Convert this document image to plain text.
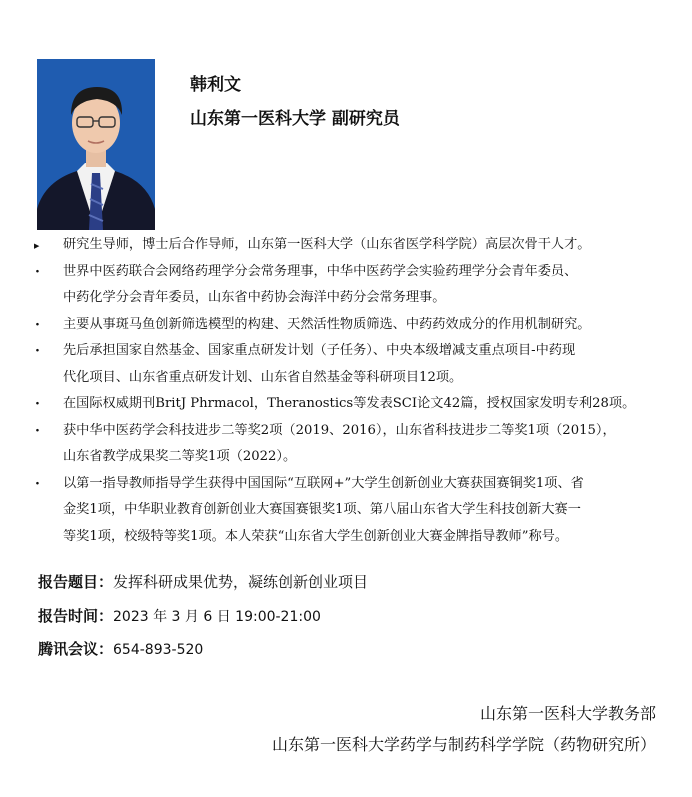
韩利文
山东第一医科大学 副研究员
▶ 研究生导师，博士后合作导师，山东第一医科大学（山东省医学科学院）高层次骨干人才。
· 世界中医药联合会网络药理学分会常务理事，中华中医药学会实验药理学分会青年委员、
中药化学分会青年委员，山东省中药协会海洋中药分会常务理事。
· 主要从事斑马鱼创新筛选模型的构建、天然活性物质筛选、中药药效成分的作用机制研究。
· 先后承担国家自然基金、国家重点研发计划（子任务）、中央本级增减支重点项目-中药现
代化项目、山东省重点研发计划、山东省自然基金等科研项目12项。
· 在国际权威期刊BritJ Phrmacol，Theranostics等发表SCI论文42篇，授权国家发明专利28项。
· 获中华中医药学会科技进步二等奖2项（2019、2016），山东省科技进步二等奖1项（2015），
山东省教学成果奖二等奖1项（2022）。
· 以第一指导教师指导学生获得中国国际“互联网+”大学生创新创业大赛获国赛铜奖1项、省
金奖1项，中华职业教育创新创业大赛国赛银奖1项、第八届山东省大学生科技创新大赛一
等奖1项，校级特等奖1项。本人荣获“山东省大学生创新创业大赛金牌指导教师”称号。
报告题目：发挥科研成果优势，凝练创新创业项目
报告时间：2023 年 3 月 6 日 19:00-21:00
腾讯会议：654-893-520
山东第一医科大学教务部
山东第一医科大学药学与制药科学学院（药物研究所）
